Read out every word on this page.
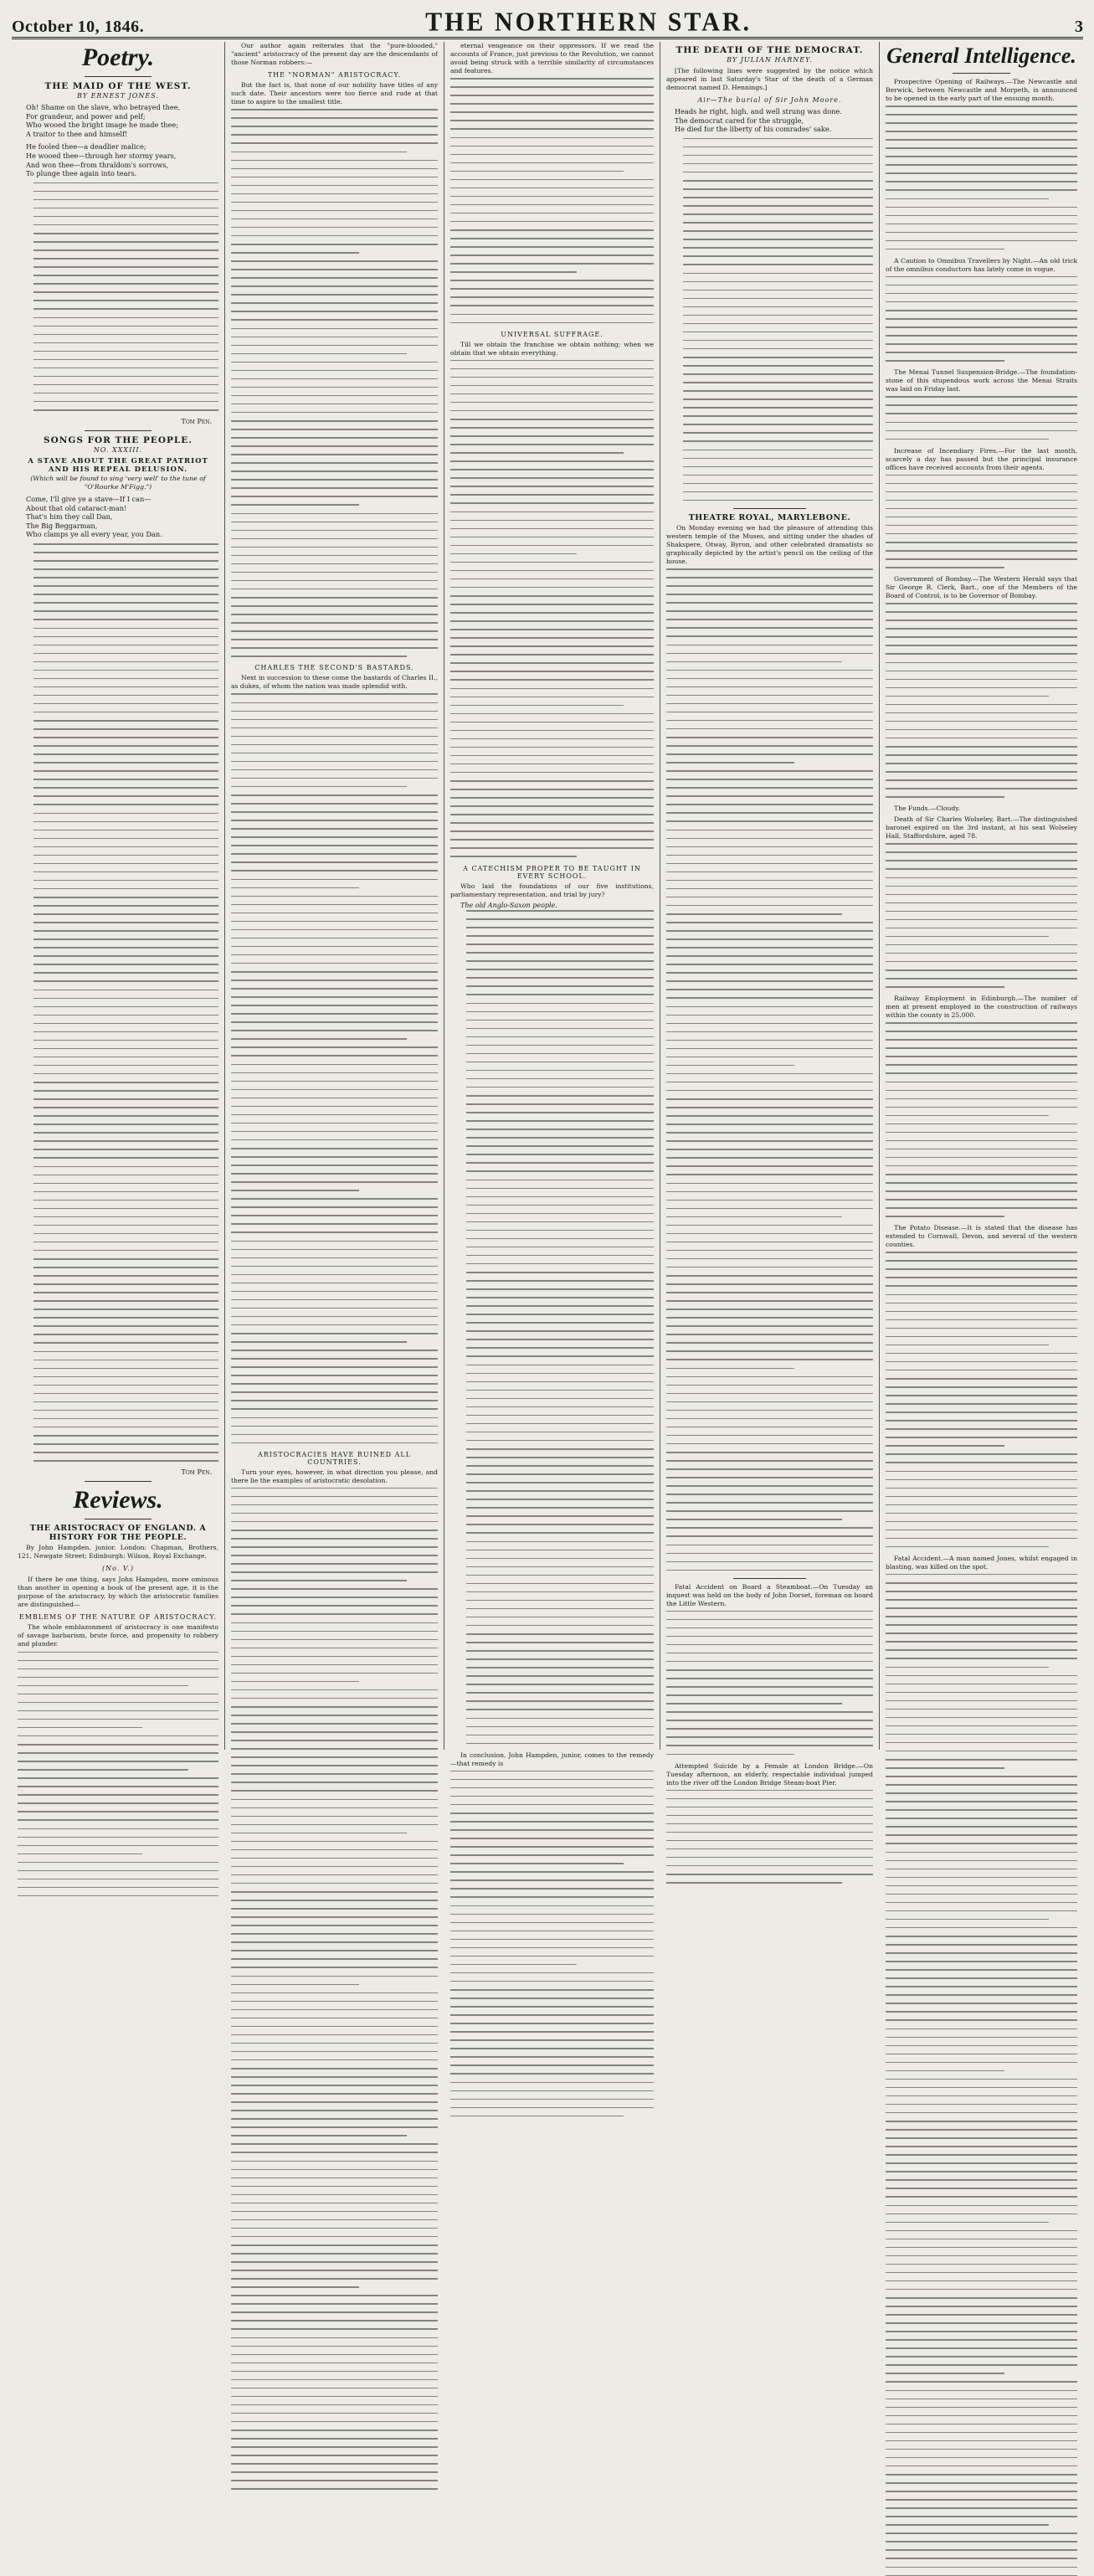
October 10, 1846.	THE NORTHERN STAR.	3
Poetry.
THE MAID OF THE WEST.
BY ERNEST JONES.
Oh! Shame on the slave, who betrayed thee,
For grandeur, and power and pelf;
Who wooed the bright image he made thee;
A traitor to thee and himself!
He fooled thee—a deadlier malice;
He wooed thee—through her stormy years,
And won thee—from thraldom's sorrows,
To plunge thee again into tears.
Tom Pen.
SONGS FOR THE PEOPLE.
NO. XXXIII.
A STAVE ABOUT THE GREAT PATRIOT AND HIS REPEAL DELUSION.
(Which will be found to sing 'very well' to the tune of "O'Rourke M'Figg.")
Come, I'll give ye a stave—If I can—
About that old cataract-man!
That's him they call Dan,
The Big Beggarman,
Who clamps ye all every year, you Dan.
Tom Pen.
Reviews.
THE ARISTOCRACY OF ENGLAND. A HISTORY FOR THE PEOPLE.
By John Hampden, junior. London: Chapman, Brothers, 121, Newgate Street; Edinburgh: Wilson, Royal Exchange.
(No. V.)

If there be one thing, says John Hampden, more ominous than another in opening a book of the present age, it is the purpose of the aristocracy, by which the aristocratic families are distinguished—

EMBLEMS OF THE NATURE OF ARISTOCRACY.

The whole emblazonment of aristocracy is one manifesto of savage barbarism, brute force, and propensity to robbery and plunder.

Our author again reiterates that the "pure-blooded," "ancient" aristocracy of the present day are the descendants of those Norman robbers:—

THE "NORMAN" ARISTOCRACY.

But the fact is, that none of our nobility have titles of any such date. Their ancestors were too fierce and rude at that time to aspire to the smallest title.

CHARLES THE SECOND'S BASTARDS.

Next in succession to these come the bastards of Charles II., as dukes, of whom the nation was made splendid with.

ARISTOCRACIES HAVE RUINED ALL COUNTRIES.

Turn your eyes, however, in what direction you please, and there lie the examples of aristocratic desolation.

eternal vengeance on their oppressors. If we read the accounts of France, just previous to the Revolution, we cannot avoid being struck with a terrible similarity of circumstances and features.

UNIVERSAL SUFFRAGE.

Till we obtain the franchise we obtain nothing; when we obtain that we obtain everything.

A CATECHISM PROPER TO BE TAUGHT IN EVERY SCHOOL.

Who laid the foundations of our five institutions, parliamentary representation, and trial by jury?

The old Anglo-Saxon people.

In conclusion, John Hampden, junior, comes to the remedy—that remedy is

THE DEATH OF THE DEMOCRAT.
BY JULIAN HARNEY.
[The following lines were suggested by the notice which appeared in last Saturday's Star of the death of a German democrat named D. Hennings.]
Air—The burial of Sir John Moore.
Heads he right, high, and well strung was done.
The democrat cared for the struggle,
He died for the liberty of his comrades' sake.
THEATRE ROYAL, MARYLEBONE.

On Monday evening we had the pleasure of attending this western temple of the Muses, and sitting under the shades of Shakspere, Otway, Byron, and other celebrated dramatists so graphically depicted by the artist's pencil on the ceiling of the house.

Fatal Accident on Board a Steamboat.—On Tuesday an inquest was held on the body of John Dorset, foreman on board the Little Western.

Attempted Suicide by a Female at London Bridge.—On Tuesday afternoon, an elderly, respectable individual jumped into the river off the London Bridge Steam-boat Pier.

General Intelligence.

Prospective Opening of Railways.—The Newcastle and Berwick, between Newcastle and Morpeth, is announced to be opened in the early part of the ensuing month.

A Caution to Omnibus Travellers by Night.—An old trick of the omnibus conductors has lately come in vogue.

The Menai Tunnel Suspension-Bridge.—The foundation-stone of this stupendous work across the Menai Straits was laid on Friday last.

Increase of Incendiary Fires.—For the last month, scarcely a day has passed but the principal insurance offices have received accounts from their agents.

Government of Bombay.—The Western Herald says that Sir George R. Clerk, Bart., one of the Members of the Board of Control, is to be Governor of Bombay.

The Funds.—Cloudy.

Death of Sir Charles Wolseley, Bart.—The distinguished baronet expired on the 3rd instant, at his seat Wolseley Hall, Staffordshire, aged 78.

Railway Employment in Edinburgh.—The number of men at present employed in the construction of railways within the county is 25,000.

The Potato Disease.—It is stated that the disease has extended to Cornwall, Devon, and several of the western counties.

Fatal Accident.—A man named Jones, whilst engaged in blasting, was killed on the spot.
